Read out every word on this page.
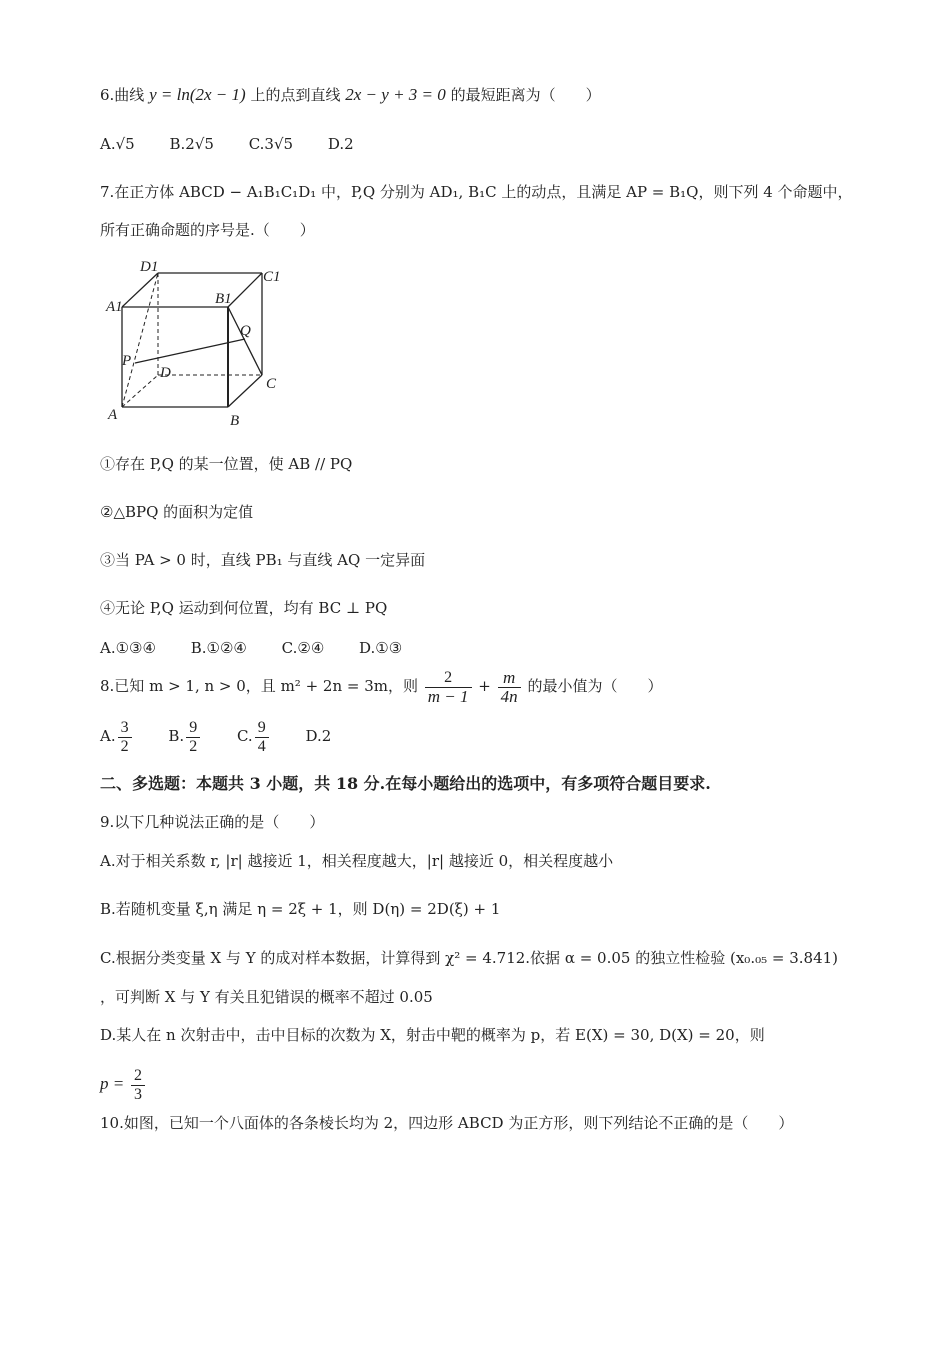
6.曲线 y = ln(2x − 1) 上的点到直线 2x − y + 3 = 0 的最短距离为（　　）
A.√5 B.2√5 C.3√5 D.2
7.在正方体 ABCD − A₁B₁C₁D₁ 中，P,Q 分别为 AD₁, B₁C 上的动点，且满足 AP = B₁Q，则下列 4 个命题中，
所有正确命题的序号是.（　　）
D1
C1
A1	B1
Q
P
D
C
A	B
①存在 P,Q 的某一位置，使 AB // PQ
②△BPQ 的面积为定值
③当 PA > 0 时，直线 PB₁ 与直线 AQ 一定异面
④无论 P,Q 运动到何位置，均有 BC ⊥ PQ
A.①③④ B.①②④ C.②④ D.①③
8.已知 m > 1, n > 0，且 m² + 2n = 3m，则 $\frac{2}{m - 1} + \frac{m}{4n}$ 的最小值为（　　）
A. $\frac{3}{2} B$. $\frac{9}{2} C$. $\frac{9}{4} D.2$
二、多选题：本题共 3 小题，共 18 分.在每小题给出的选项中，有多项符合题目要求.
9.以下几种说法正确的是（　　）
A.对于相关系数 r, |r| 越接近 1，相关程度越大，|r| 越接近 0，相关程度越小
B.若随机变量 ξ,η 满足 η = 2ξ + 1，则 D(η) = 2D(ξ) + 1
C.根据分类变量 X 与 Y 的成对样本数据，计算得到 χ² = 4.712.依据 α = 0.05 的独立性检验 (x₀.₀₅ = 3.841)
，可判断 X 与 Y 有关且犯错误的概率不超过 0.05
D.某人在 n 次射击中，击中目标的次数为 X，射击中靶的概率为 p，若 E(X) = 30, D(X) = 20，则
$p = \frac{2}{3}$
10.如图，已知一个八面体的各条棱长均为 2，四边形 ABCD 为正方形，则下列结论不正确的是（　　）
